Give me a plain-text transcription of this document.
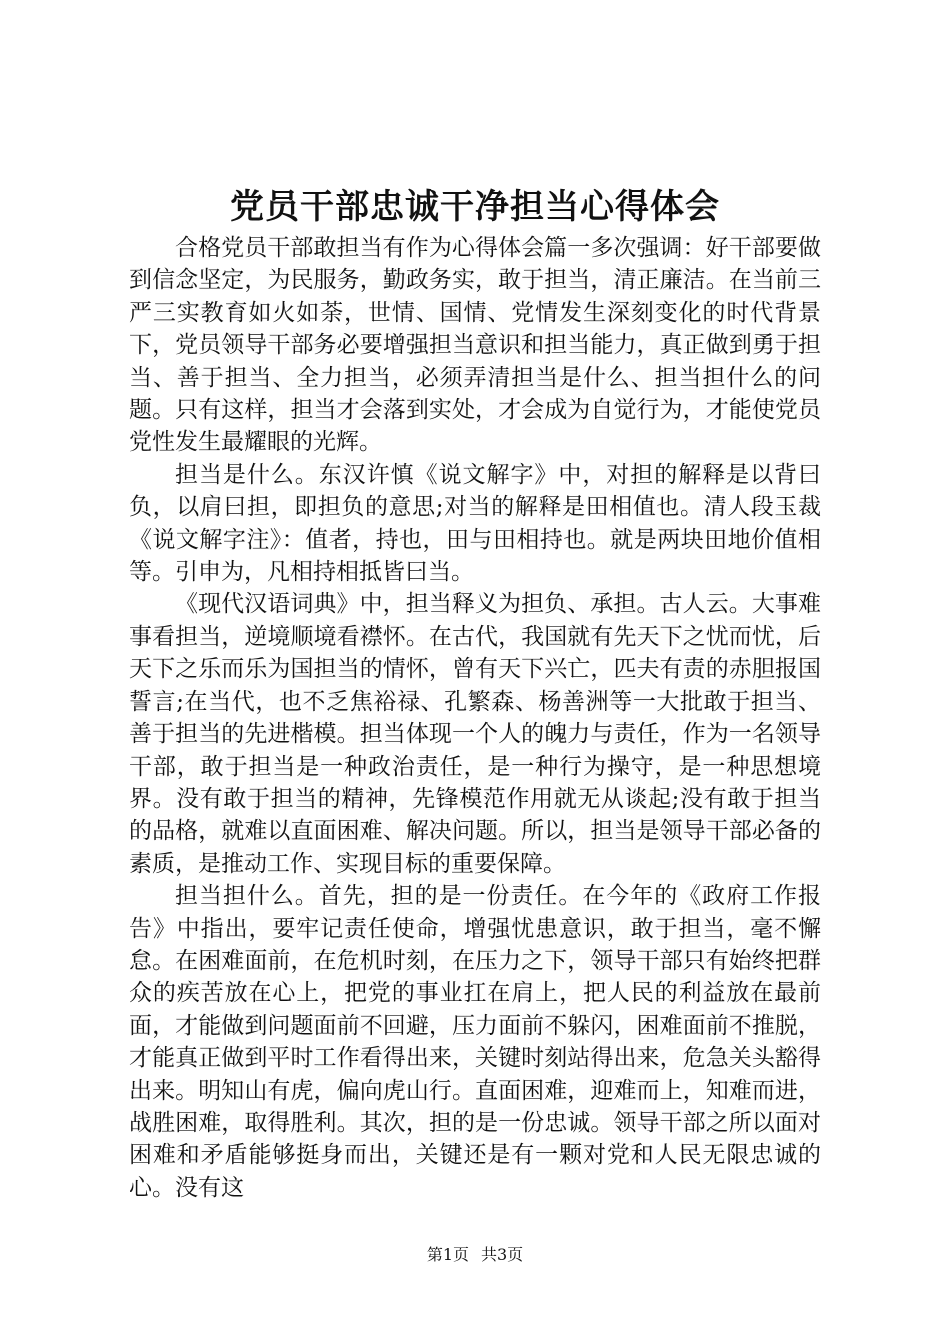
党员干部忠诚干净担当心得体会

合格党员干部敢担当有作为心得体会篇一多次强调：好干部要做到信念坚定，为民服务，勤政务实，敢于担当，清正廉洁。在当前三严三实教育如火如荼，世情、国情、党情发生深刻变化的时代背景下，党员领导干部务必要增强担当意识和担当能力，真正做到勇于担当、善于担当、全力担当，必须弄清担当是什么、担当担什么的问题。只有这样，担当才会落到实处，才会成为自觉行为，才能使党员党性发生最耀眼的光辉。

担当是什么。东汉许慎《说文解字》中，对担的解释是以背曰负，以肩曰担，即担负的意思;对当的解释是田相值也。清人段玉裁《说文解字注》：值者，持也，田与田相持也。就是两块田地价值相等。引申为，凡相持相抵皆曰当。

《现代汉语词典》中，担当释义为担负、承担。古人云。大事难事看担当，逆境顺境看襟怀。在古代，我国就有先天下之忧而忧，后天下之乐而乐为国担当的情怀，曾有天下兴亡，匹夫有责的赤胆报国誓言;在当代，也不乏焦裕禄、孔繁森、杨善洲等一大批敢于担当、善于担当的先进楷模。担当体现一个人的魄力与责任，作为一名领导干部，敢于担当是一种政治责任，是一种行为操守，是一种思想境界。没有敢于担当的精神，先锋模范作用就无从谈起;没有敢于担当的品格，就难以直面困难、解决问题。所以，担当是领导干部必备的素质，是推动工作、实现目标的重要保障。

担当担什么。首先，担的是一份责任。在今年的《政府工作报告》中指出，要牢记责任使命，增强忧患意识，敢于担当，毫不懈怠。在困难面前，在危机时刻，在压力之下，领导干部只有始终把群众的疾苦放在心上，把党的事业扛在肩上，把人民的利益放在最前面，才能做到问题面前不回避，压力面前不躲闪，困难面前不推脱，才能真正做到平时工作看得出来，关键时刻站得出来，危急关头豁得出来。明知山有虎，偏向虎山行。直面困难，迎难而上，知难而进，战胜困难，取得胜利。其次，担的是一份忠诚。领导干部之所以面对困难和矛盾能够挺身而出，关键还是有一颗对党和人民无限忠诚的心。没有这

第1页 共3页
